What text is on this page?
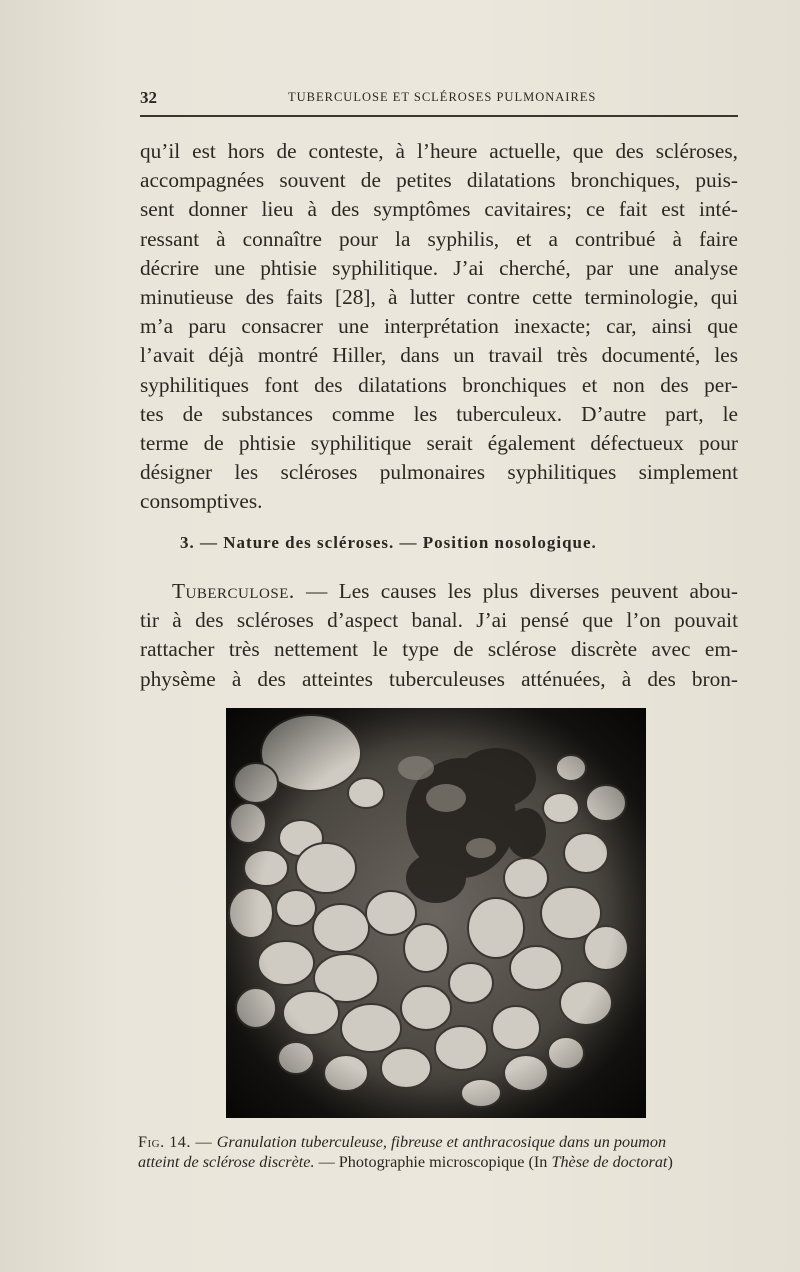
32	TUBERCULOSE ET SCLÉROSES PULMONAIRES
qu’il est hors de conteste, à l’heure actuelle, que des scléroses,
accompagnées souvent de petites dilatations bronchiques, puis-
sent donner lieu à des symptômes cavitaires; ce fait est inté-
ressant à connaître pour la syphilis, et a contribué à faire
décrire une phtisie syphilitique. J’ai cherché, par une analyse
minutieuse des faits [28], à lutter contre cette terminologie, qui
m’a paru consacrer une interprétation inexacte; car, ainsi que
l’avait déjà montré Hiller, dans un travail très documenté, les
syphilitiques font des dilatations bronchiques et non des per-
tes de substances comme les tuberculeux. D’autre part, le
terme de phtisie syphilitique serait également défectueux pour
désigner les scléroses pulmonaires syphilitiques simplement
consomptives.
3. — Nature des scléroses. — Position nosologique.
Tuberculose. — Les causes les plus diverses peuvent abou-
tir à des scléroses d’aspect banal. J’ai pensé que l’on pouvait
rattacher très nettement le type de sclérose discrète avec em-
physème à des atteintes tuberculeuses atténuées, à des bron-
Fig. 14. — Granulation tuberculeuse, fibreuse et anthracosique dans un poumon
atteint de sclérose discrète. — Photographie microscopique (In Thèse de doctorat)
